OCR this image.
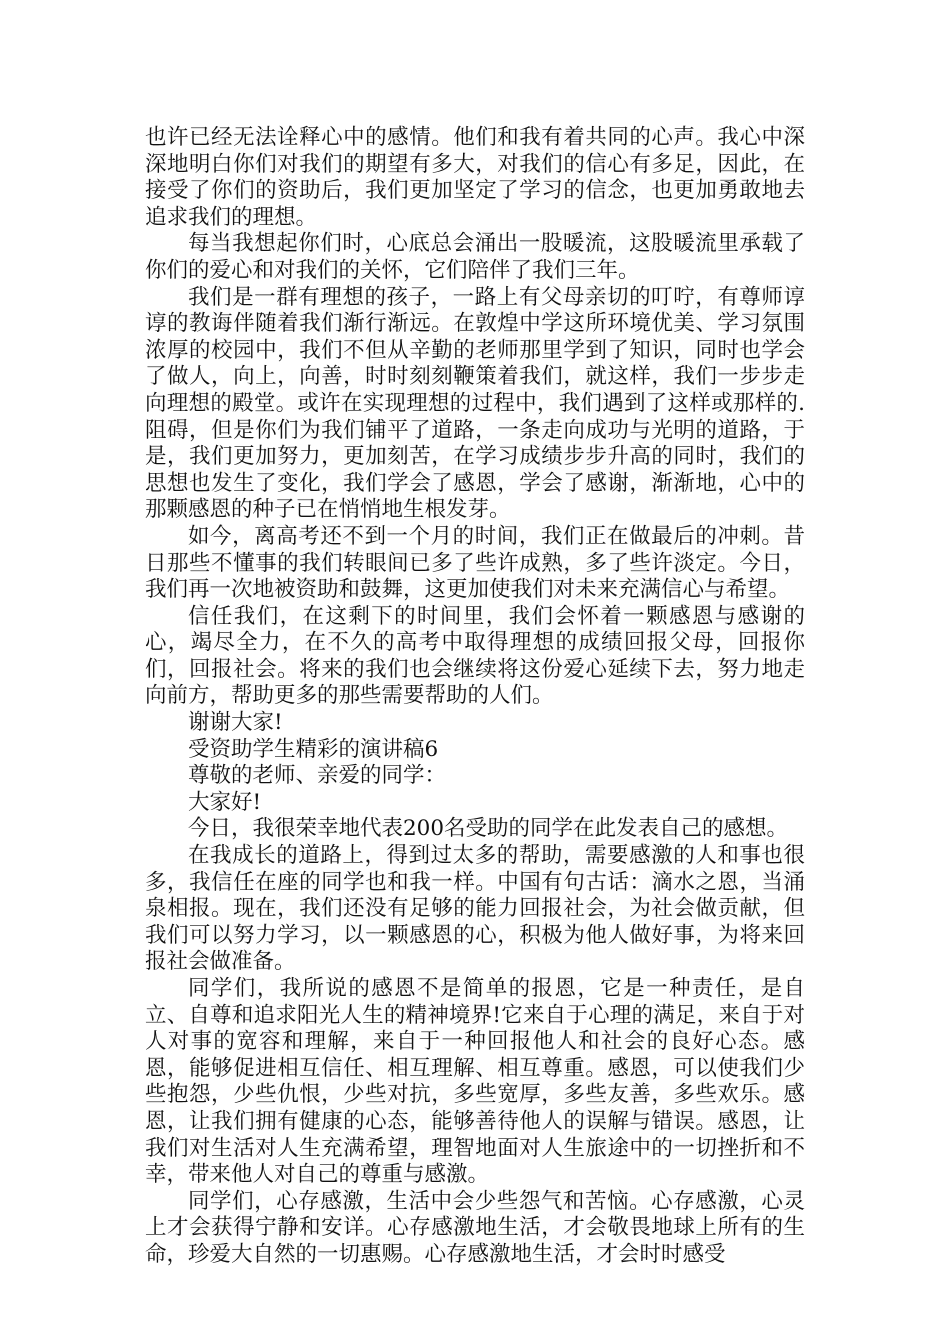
也许已经无法诠释心中的感情。他们和我有着共同的心声。我心中深深地明白你们对我们的期望有多大，对我们的信心有多足，因此，在接受了你们的资助后，我们更加坚定了学习的信念，也更加勇敢地去追求我们的理想。

每当我想起你们时，心底总会涌出一股暖流，这股暖流里承载了你们的爱心和对我们的关怀，它们陪伴了我们三年。

我们是一群有理想的孩子，一路上有父母亲切的叮咛，有尊师谆谆的教诲伴随着我们渐行渐远。在敦煌中学这所环境优美、学习氛围浓厚的校园中，我们不但从辛勤的老师那里学到了知识，同时也学会了做人，向上，向善，时时刻刻鞭策着我们，就这样，我们一步步走向理想的殿堂。或许在实现理想的过程中，我们遇到了这样或那样的.阻碍，但是你们为我们铺平了道路，一条走向成功与光明的道路，于是，我们更加努力，更加刻苦，在学习成绩步步升高的同时，我们的思想也发生了变化，我们学会了感恩，学会了感谢，渐渐地，心中的那颗感恩的种子已在悄悄地生根发芽。

如今，离高考还不到一个月的时间，我们正在做最后的冲刺。昔日那些不懂事的我们转眼间已多了些许成熟，多了些许淡定。今日，我们再一次地被资助和鼓舞，这更加使我们对未来充满信心与希望。

信任我们，在这剩下的时间里，我们会怀着一颗感恩与感谢的心，竭尽全力，在不久的高考中取得理想的成绩回报父母，回报你们，回报社会。将来的我们也会继续将这份爱心延续下去，努力地走向前方，帮助更多的那些需要帮助的人们。

谢谢大家!

受资助学生精彩的演讲稿6

尊敬的老师、亲爱的同学：

大家好!

今日，我很荣幸地代表200名受助的同学在此发表自己的感想。

在我成长的道路上，得到过太多的帮助，需要感激的人和事也很多，我信任在座的同学也和我一样。中国有句古话：滴水之恩，当涌泉相报。现在，我们还没有足够的能力回报社会，为社会做贡献，但我们可以努力学习，以一颗感恩的心，积极为他人做好事，为将来回报社会做准备。

同学们，我所说的感恩不是简单的报恩，它是一种责任，是自立、自尊和追求阳光人生的精神境界!它来自于心理的满足，来自于对人对事的宽容和理解，来自于一种回报他人和社会的良好心态。感恩，能够促进相互信任、相互理解、相互尊重。感恩，可以使我们少些抱怨，少些仇恨，少些对抗，多些宽厚，多些友善，多些欢乐。感恩，让我们拥有健康的心态，能够善待他人的误解与错误。感恩，让我们对生活对人生充满希望，理智地面对人生旅途中的一切挫折和不幸，带来他人对自己的尊重与感激。

同学们，心存感激，生活中会少些怨气和苦恼。心存感激，心灵上才会获得宁静和安详。心存感激地生活，才会敬畏地球上所有的生命，珍爱大自然的一切惠赐。心存感激地生活，才会时时感受
